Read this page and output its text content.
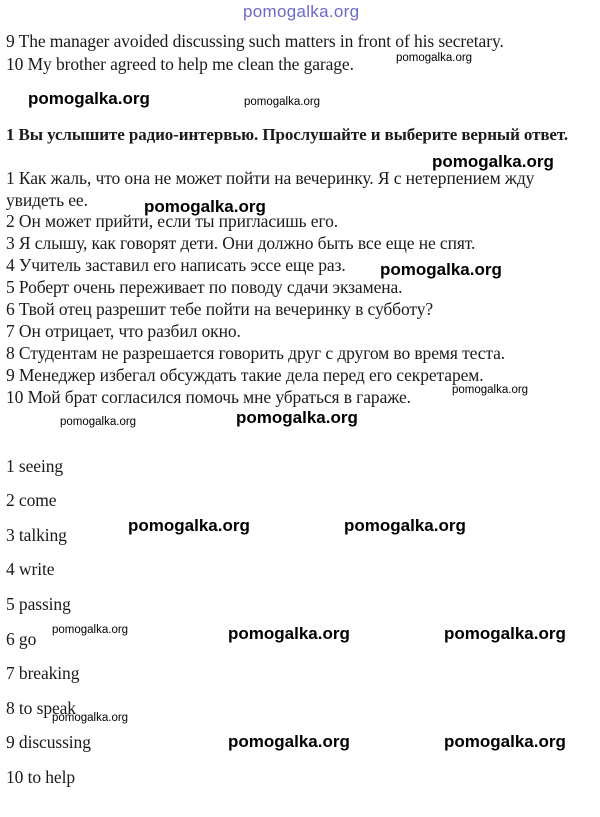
pomogalka.org

9 The manager avoided discussing such matters in front of his secretary.

10 My brother agreed to help me clean the garage.

1 Вы услышите радио-интервью. Прослушайте и выберите верный ответ.

1 Как жаль, что она не может пойти на вечеринку. Я с нетерпением жду увидеть ее.

2 Он может прийти, если ты пригласишь его.

3 Я слышу, как говорят дети. Они должно быть все еще не спят.

4 Учитель заставил его написать эссе еще раз.

5 Роберт очень переживает по поводу сдачи экзамена.

6 Твой отец разрешит тебе пойти на вечеринку в субботу?

7 Он отрицает, что разбил окно.

8 Студентам не разрешается говорить друг с другом во время теста.

9 Менеджер избегал обсуждать такие дела перед его секретарем.

10 Мой брат согласился помочь мне убраться в гараже.

1 seeing

2 come

3 talking

4 write

5 passing

6 go

7 breaking

8 to speak

9 discussing

10 to help

pomogalka.org
pomogalka.org	pomogalka.org
pomogalka.org
pomogalka.org
pomogalka.org
pomogalka.org
pomogalka.org
pomogalka.org
pomogalka.org	pomogalka.org
pomogalka.org	pomogalka.org	pomogalka.org
pomogalka.org
pomogalka.org	pomogalka.org
